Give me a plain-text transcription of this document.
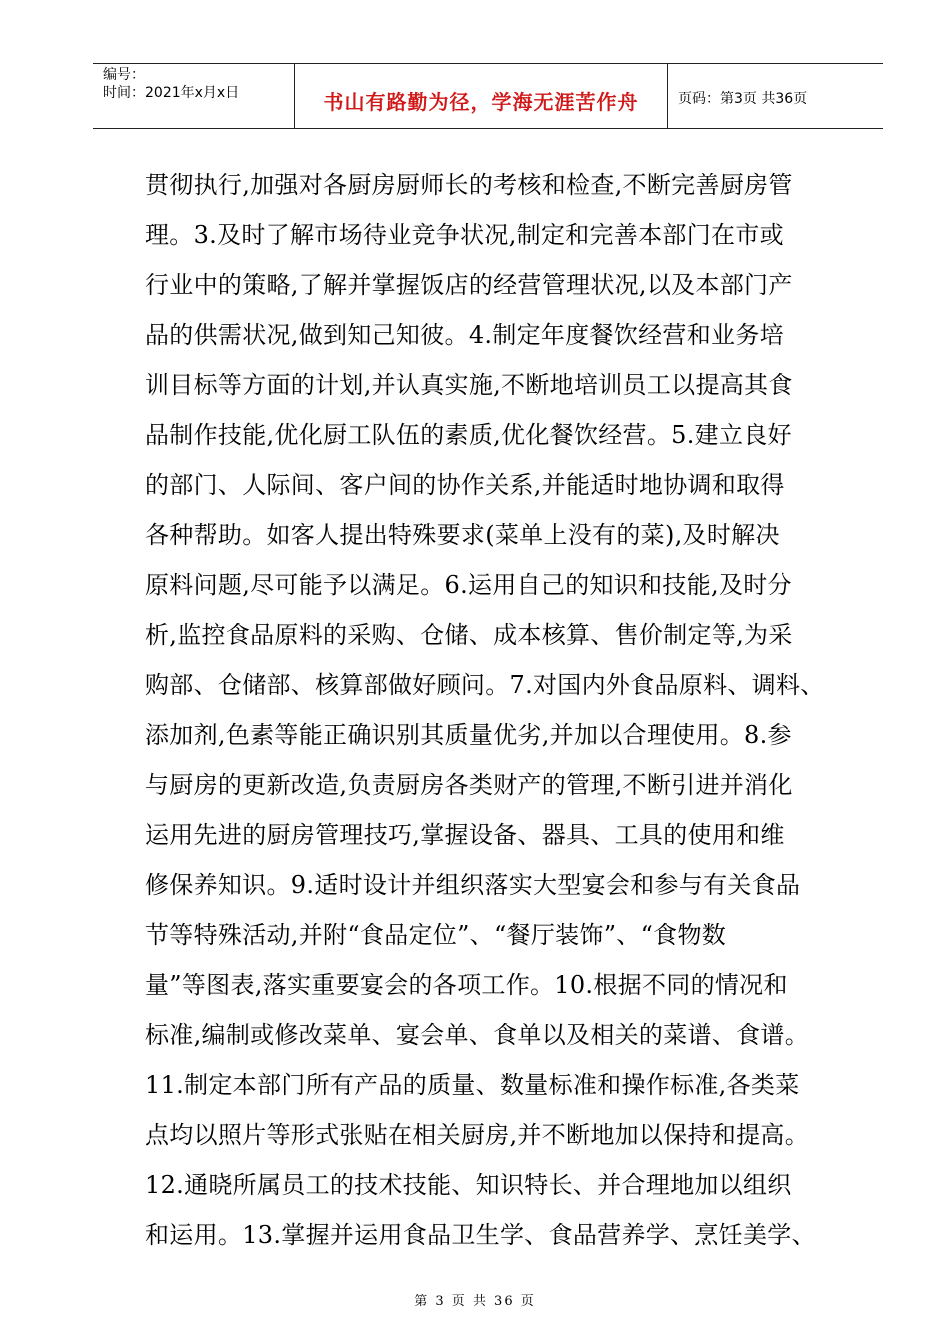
编号：
时间：2021年x月x日	书山有路勤为径，学海无涯苦作舟	页码：第3页 共36页
贯彻执行,加强对各厨房厨师长的考核和检查,不断完善厨房管
理。3.及时了解市场待业竞争状况,制定和完善本部门在市或
行业中的策略,了解并掌握饭店的经营管理状况,以及本部门产
品的供需状况,做到知己知彼。4.制定年度餐饮经营和业务培
训目标等方面的计划,并认真实施,不断地培训员工以提高其食
品制作技能,优化厨工队伍的素质,优化餐饮经营。5.建立良好
的部门、人际间、客户间的协作关系,并能适时地协调和取得
各种帮助。如客人提出特殊要求(菜单上没有的菜),及时解决
原料问题,尽可能予以满足。6.运用自己的知识和技能,及时分
析,监控食品原料的采购、仓储、成本核算、售价制定等,为采
购部、仓储部、核算部做好顾问。7.对国内外食品原料、调料、
添加剂,色素等能正确识别其质量优劣,并加以合理使用。8.参
与厨房的更新改造,负责厨房各类财产的管理,不断引进并消化
运用先进的厨房管理技巧,掌握设备、器具、工具的使用和维
修保养知识。9.适时设计并组织落实大型宴会和参与有关食品
节等特殊活动,并附“食品定位”、“餐厅装饰”、“食物数
量”等图表,落实重要宴会的各项工作。10.根据不同的情况和
标准,编制或修改菜单、宴会单、食单以及相关的菜谱、食谱。
11.制定本部门所有产品的质量、数量标准和操作标准,各类菜
点均以照片等形式张贴在相关厨房,并不断地加以保持和提高。
12.通晓所属员工的技术技能、知识特长、并合理地加以组织
和运用。13.掌握并运用食品卫生学、食品营养学、烹饪美学、
第 3 页 共 36 页
